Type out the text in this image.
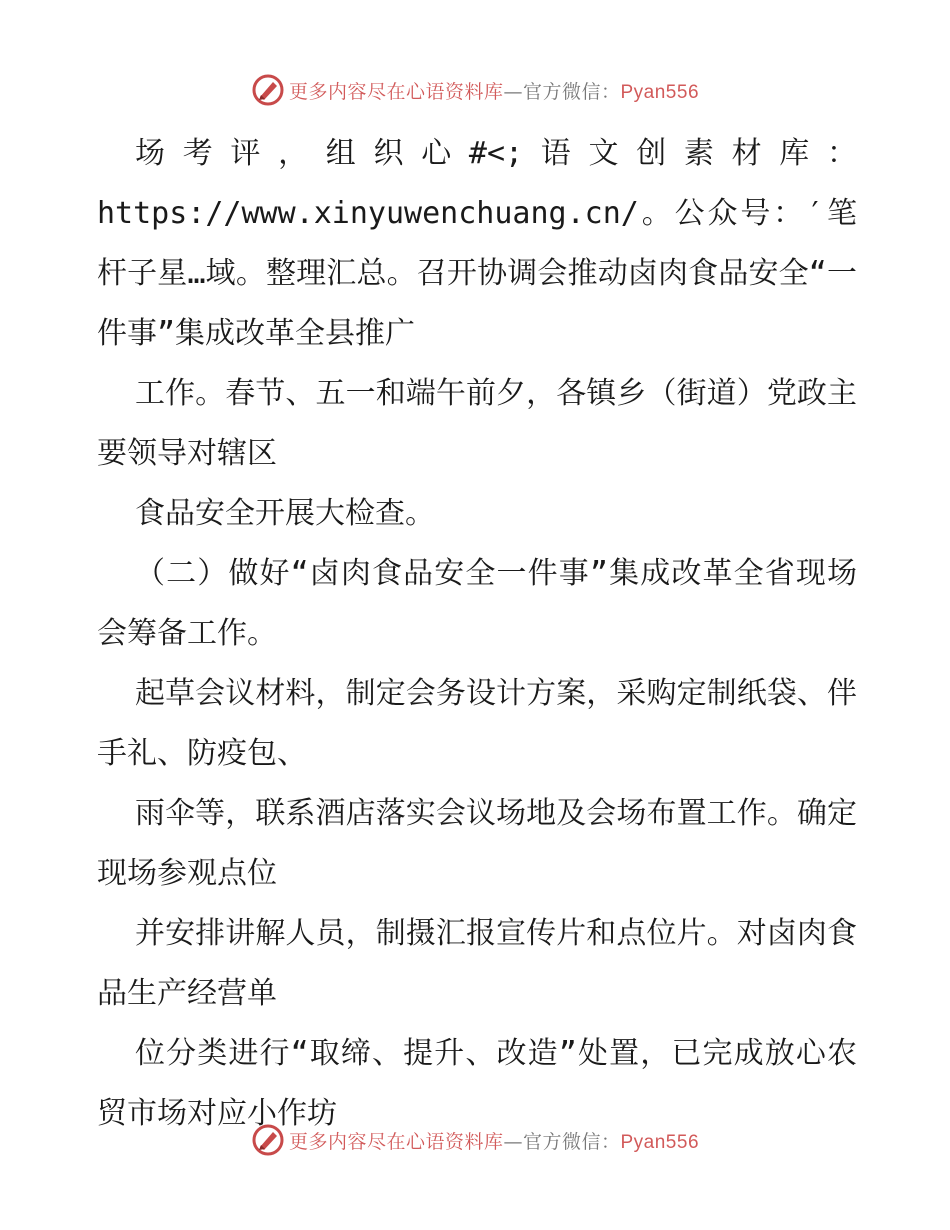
更多内容尽在心语资料库—官方微信：Pyan556

场考评，组织心#<;语文创素材库：https://www.xinyuwenchuang.cn/。公众号：′笔杆子星…域。整理汇总。召开协调会推动卤肉食品安全“一件事”集成改革全县推广

工作。春节、五一和端午前夕，各镇乡（街道）党政主要领导对辖区

食品安全开展大检查。

（二）做好“卤肉食品安全一件事”集成改革全省现场会筹备工作。

起草会议材料，制定会务设计方案，采购定制纸袋、伴手礼、防疫包、

雨伞等，联系酒店落实会议场地及会场布置工作。确定现场参观点位

并安排讲解人员，制摄汇报宣传片和点位片。对卤肉食品生产经营单

位分类进行“取缔、提升、改造”处置，已完成放心农贸市场对应小作坊

更多内容尽在心语资料库—官方微信：Pyan556
